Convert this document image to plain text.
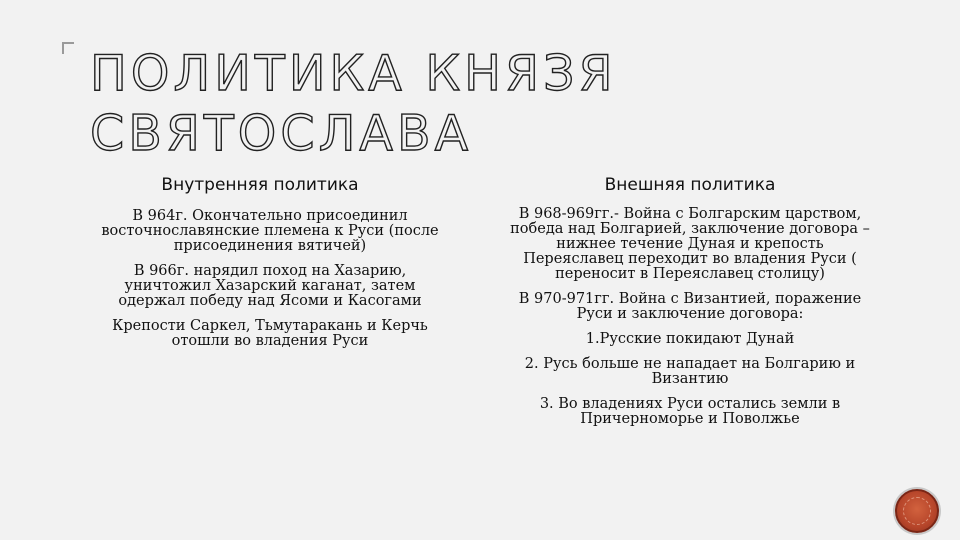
ПОЛИТИКА КНЯЗЯ
СВЯТОСЛАВА
Внутренняя политика

В 964г. Окончательно присоединил восточнославянские племена к Руси (после присоединения вятичей)

В 966г. нарядил поход на Хазарию, уничтожил Хазарский каганат, затем одержал победу над Ясоми и Касогами

Крепости Саркел, Тьмутаракань и Керчь отошли во владения Руси

Внешняя политика

В 968-969гг.- Война с Болгарским царством, победа над Болгарией, заключение договора – нижнее течение Дуная и крепость Переяславец переходит во владения Руси ( переносит в Переяславец столицу)

В 970-971гг. Война с Византией, поражение Руси и заключение договора:

1.Русские покидают Дунай

2. Русь больше не нападает на Болгарию и Византию

3. Во владениях Руси остались земли в Причерноморье и Поволжье
